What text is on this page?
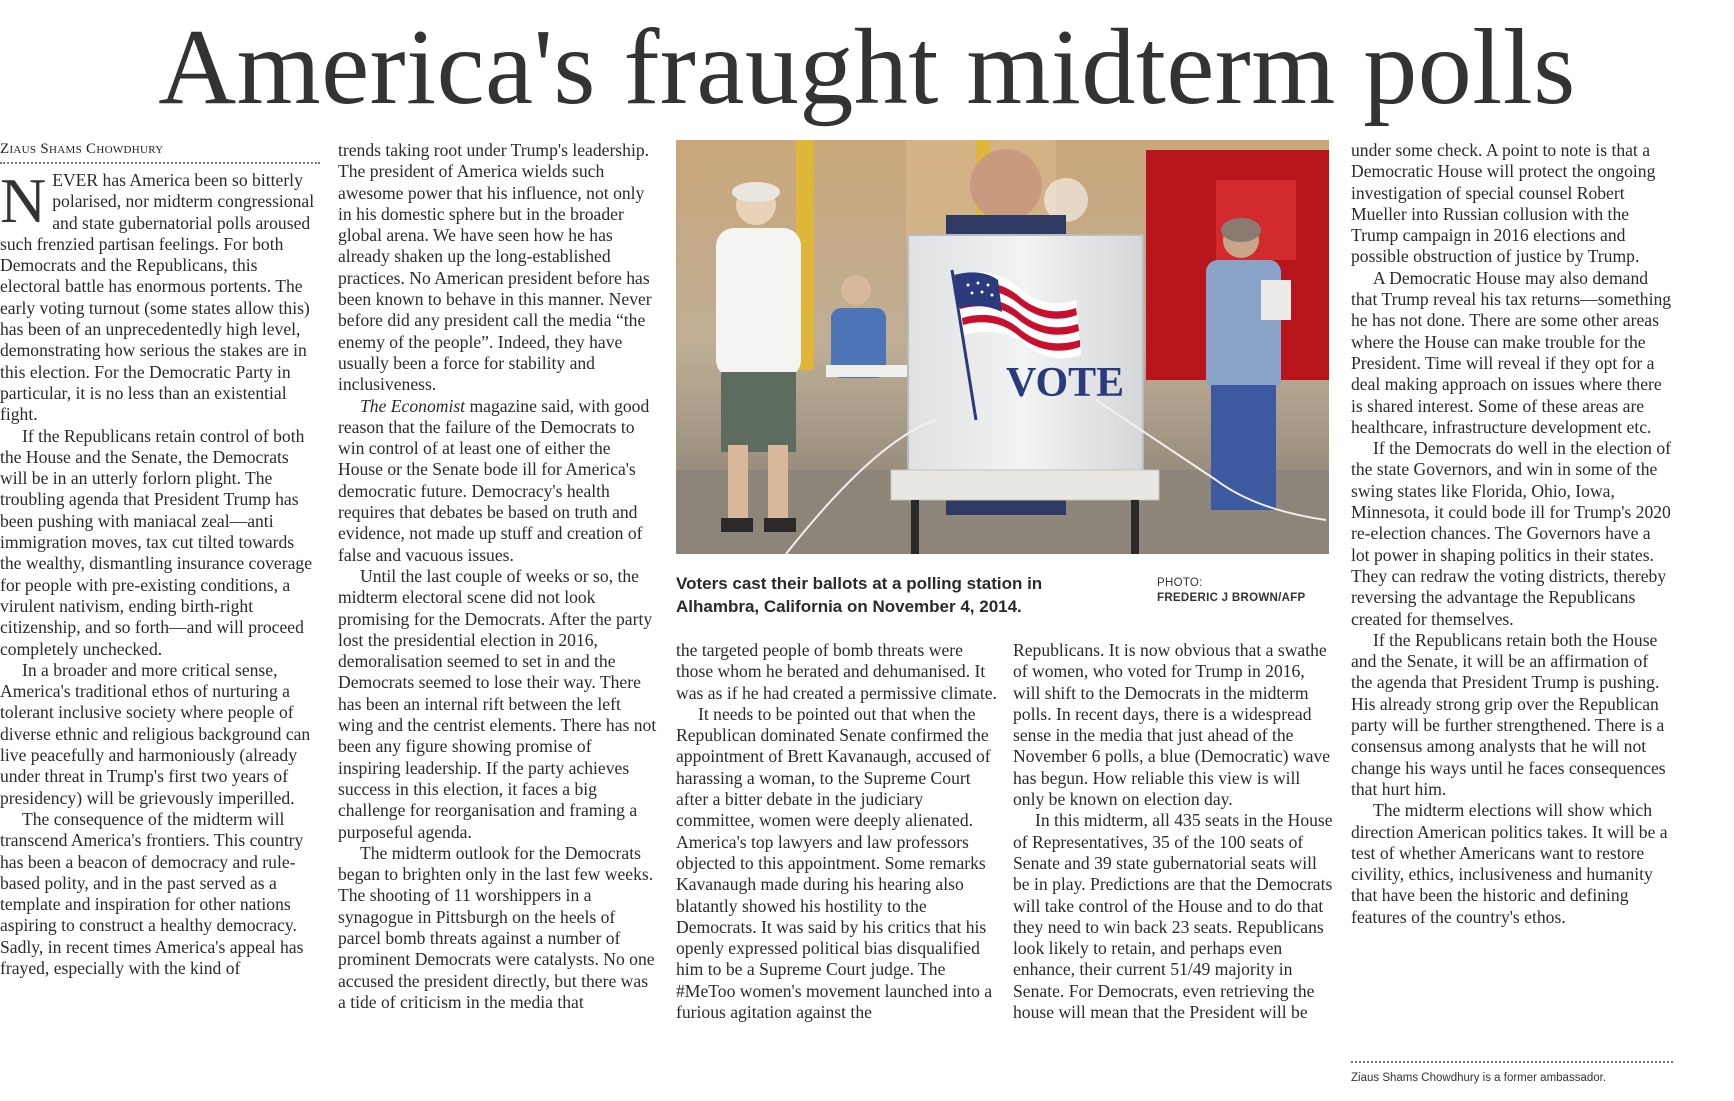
America's fraught midterm polls
Ziaus Shams Chowdhury

NEVER has America been so bitterly polarised, nor midterm congressional and state gubernatorial polls aroused such frenzied partisan feelings. For both Democrats and the Republicans, this electoral battle has enormous portents. The early voting turnout (some states allow this) has been of an unprecedentedly high level, demonstrating how serious the stakes are in this election. For the Democratic Party in particular, it is no less than an existential fight.

If the Republicans retain control of both the House and the Senate, the Democrats will be in an utterly forlorn plight. The troubling agenda that President Trump has been pushing with maniacal zeal—anti immigration moves, tax cut tilted towards the wealthy, dismantling insurance coverage for people with pre-existing conditions, a virulent nativism, ending birth-right citizenship, and so forth—and will proceed completely unchecked.

In a broader and more critical sense, America's traditional ethos of nurturing a tolerant inclusive society where people of diverse ethnic and religious background can live peacefully and harmoniously (already under threat in Trump's first two years of presidency) will be grievously imperilled.

The consequence of the midterm will transcend America's frontiers. This country has been a beacon of democracy and rule-based polity, and in the past served as a template and inspiration for other nations aspiring to construct a healthy democracy. Sadly, in recent times America's appeal has frayed, especially with the kind of

trends taking root under Trump's leadership. The president of America wields such awesome power that his influence, not only in his domestic sphere but in the broader global arena. We have seen how he has already shaken up the long-established practices. No American president before has been known to behave in this manner. Never before did any president call the media “the enemy of the people”. Indeed, they have usually been a force for stability and inclusiveness.

The Economist magazine said, with good reason that the failure of the Democrats to win control of at least one of either the House or the Senate bode ill for America's democratic future. Democracy's health requires that debates be based on truth and evidence, not made up stuff and creation of false and vacuous issues.

Until the last couple of weeks or so, the midterm electoral scene did not look promising for the Democrats. After the party lost the presidential election in 2016, demoralisation seemed to set in and the Democrats seemed to lose their way. There has been an internal rift between the left wing and the centrist elements. There has not been any figure showing promise of inspiring leadership. If the party achieves success in this election, it faces a big challenge for reorganisation and framing a purposeful agenda.

The midterm outlook for the Democrats began to brighten only in the last few weeks. The shooting of 11 worshippers in a synagogue in Pittsburgh on the heels of parcel bomb threats against a number of prominent Democrats were catalysts. No one accused the president directly, but there was a tide of criticism in the media that

VOTE
Voters cast their ballots at a polling station in Alhambra, California on November 4, 2014.
PHOTO:
FREDERIC J BROWN/AFP

the targeted people of bomb threats were those whom he berated and dehumanised. It was as if he had created a permissive climate.

It needs to be pointed out that when the Republican dominated Senate confirmed the appointment of Brett Kavanaugh, accused of harassing a woman, to the Supreme Court after a bitter debate in the judiciary committee, women were deeply alienated. America's top lawyers and law professors objected to this appointment. Some remarks Kavanaugh made during his hearing also blatantly showed his hostility to the Democrats. It was said by his critics that his openly expressed political bias disqualified him to be a Supreme Court judge. The #MeToo women's movement launched into a furious agitation against the

Republicans. It is now obvious that a swathe of women, who voted for Trump in 2016, will shift to the Democrats in the midterm polls. In recent days, there is a widespread sense in the media that just ahead of the November 6 polls, a blue (Democratic) wave has begun. How reliable this view is will only be known on election day.

In this midterm, all 435 seats in the House of Representatives, 35 of the 100 seats of Senate and 39 state gubernatorial seats will be in play. Predictions are that the Democrats will take control of the House and to do that they need to win back 23 seats. Republicans look likely to retain, and perhaps even enhance, their current 51/49 majority in Senate. For Democrats, even retrieving the house will mean that the President will be

under some check. A point to note is that a Democratic House will protect the ongoing investigation of special counsel Robert Mueller into Russian collusion with the Trump campaign in 2016 elections and possible obstruction of justice by Trump.

A Democratic House may also demand that Trump reveal his tax returns—something he has not done. There are some other areas where the House can make trouble for the President. Time will reveal if they opt for a deal making approach on issues where there is shared interest. Some of these areas are healthcare, infrastructure development etc.

If the Democrats do well in the election of the state Governors, and win in some of the swing states like Florida, Ohio, Iowa, Minnesota, it could bode ill for Trump's 2020 re-election chances. The Governors have a lot power in shaping politics in their states. They can redraw the voting districts, thereby reversing the advantage the Republicans created for themselves.

If the Republicans retain both the House and the Senate, it will be an affirmation of the agenda that President Trump is pushing. His already strong grip over the Republican party will be further strengthened. There is a consensus among analysts that he will not change his ways until he faces consequences that hurt him.

The midterm elections will show which direction American politics takes. It will be a test of whether Americans want to restore civility, ethics, inclusiveness and humanity that have been the historic and defining features of the country's ethos.

Ziaus Shams Chowdhury is a former ambassador.
